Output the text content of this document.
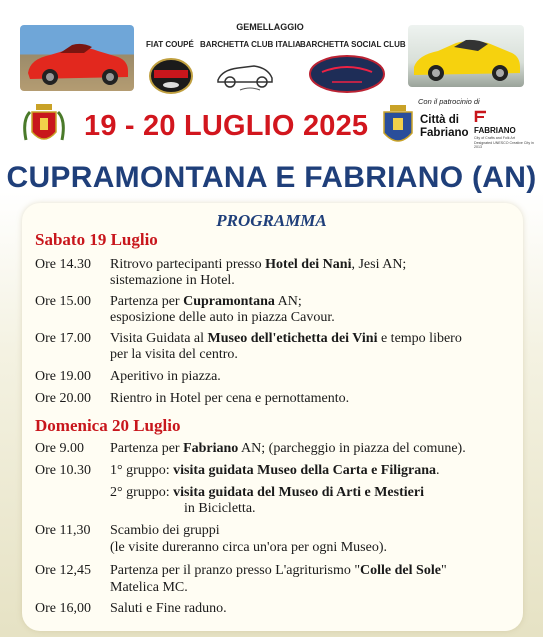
GEMELLAGGIO
FIAT COUPÉ BARCHETTA CLUB ITALIA BARCHETTA SOCIAL CLUB
19 - 20 LUGLIO 2025
Con il patrocinio di
Città di
Fabriano FABRIANO
City of Crafts and Folk Art Designated UNESCO Creative City in 2013
CUPRAMONTANA E FABRIANO (AN)
PROGRAMMA
Sabato 19 Luglio
Ore 14.30 Ritrovo partecipanti presso Hotel dei Nani, Jesi AN;
sistemazione in Hotel.
Ore 15.00 Partenza per Cupramontana AN;
esposizione delle auto in piazza Cavour.
Ore 17.00 Visita Guidata al Museo dell'etichetta dei Vini e tempo libero
per la visita del centro.
Ore 19.00 Aperitivo in piazza.
Ore 20.00 Rientro in Hotel per cena e pernottamento.
Domenica 20 Luglio
Ore 9.00 Partenza per Fabriano AN; (parcheggio in piazza del comune).
Ore 10.30 1° gruppo: visita guidata Museo della Carta e Filigrana.
2° gruppo: visita guidata del Museo di Arti e Mestieri
in Bicicletta.
Ore 11,30 Scambio dei gruppi
(le visite dureranno circa un'ora per ogni Museo).
Ore 12,45 Partenza per il pranzo presso L'agriturismo "Colle del Sole"
Matelica MC.
Ore 16,00 Saluti e Fine raduno.
